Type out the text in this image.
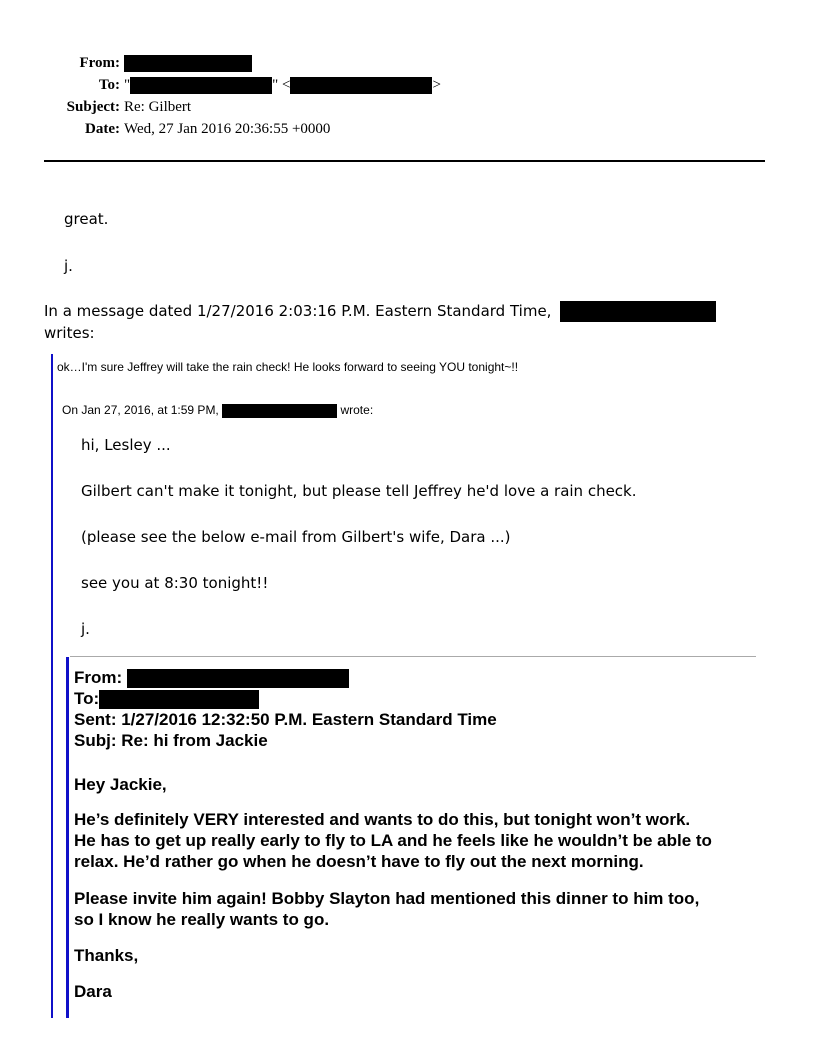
From:
To: "	" <	>
Subject: Re: Gilbert
Date: Wed, 27 Jan 2016 20:36:55 +0000
great.
j.
In a message dated 1/27/2016 2:03:16 P.M. Eastern Standard Time,
writes:
ok…I'm sure Jeffrey will take the rain check! He looks forward to seeing YOU tonight~!!
On Jan 27, 2016, at 1:59 PM,	wrote:
hi, Lesley ...
Gilbert can't make it tonight, but please tell Jeffrey he'd love a rain check.
(please see the below e-mail from Gilbert's wife, Dara ...)
see you at 8:30 tonight!!
j.
From:
To:
Sent: 1/27/2016 12:32:50 P.M. Eastern Standard Time
Subj: Re: hi from Jackie
Hey Jackie,
He’s definitely VERY interested and wants to do this, but tonight won’t work.
He has to get up really early to fly to LA and he feels like he wouldn’t be able to
relax. He’d rather go when he doesn’t have to fly out the next morning.
Please invite him again! Bobby Slayton had mentioned this dinner to him too,
so I know he really wants to go.
Thanks,
Dara
